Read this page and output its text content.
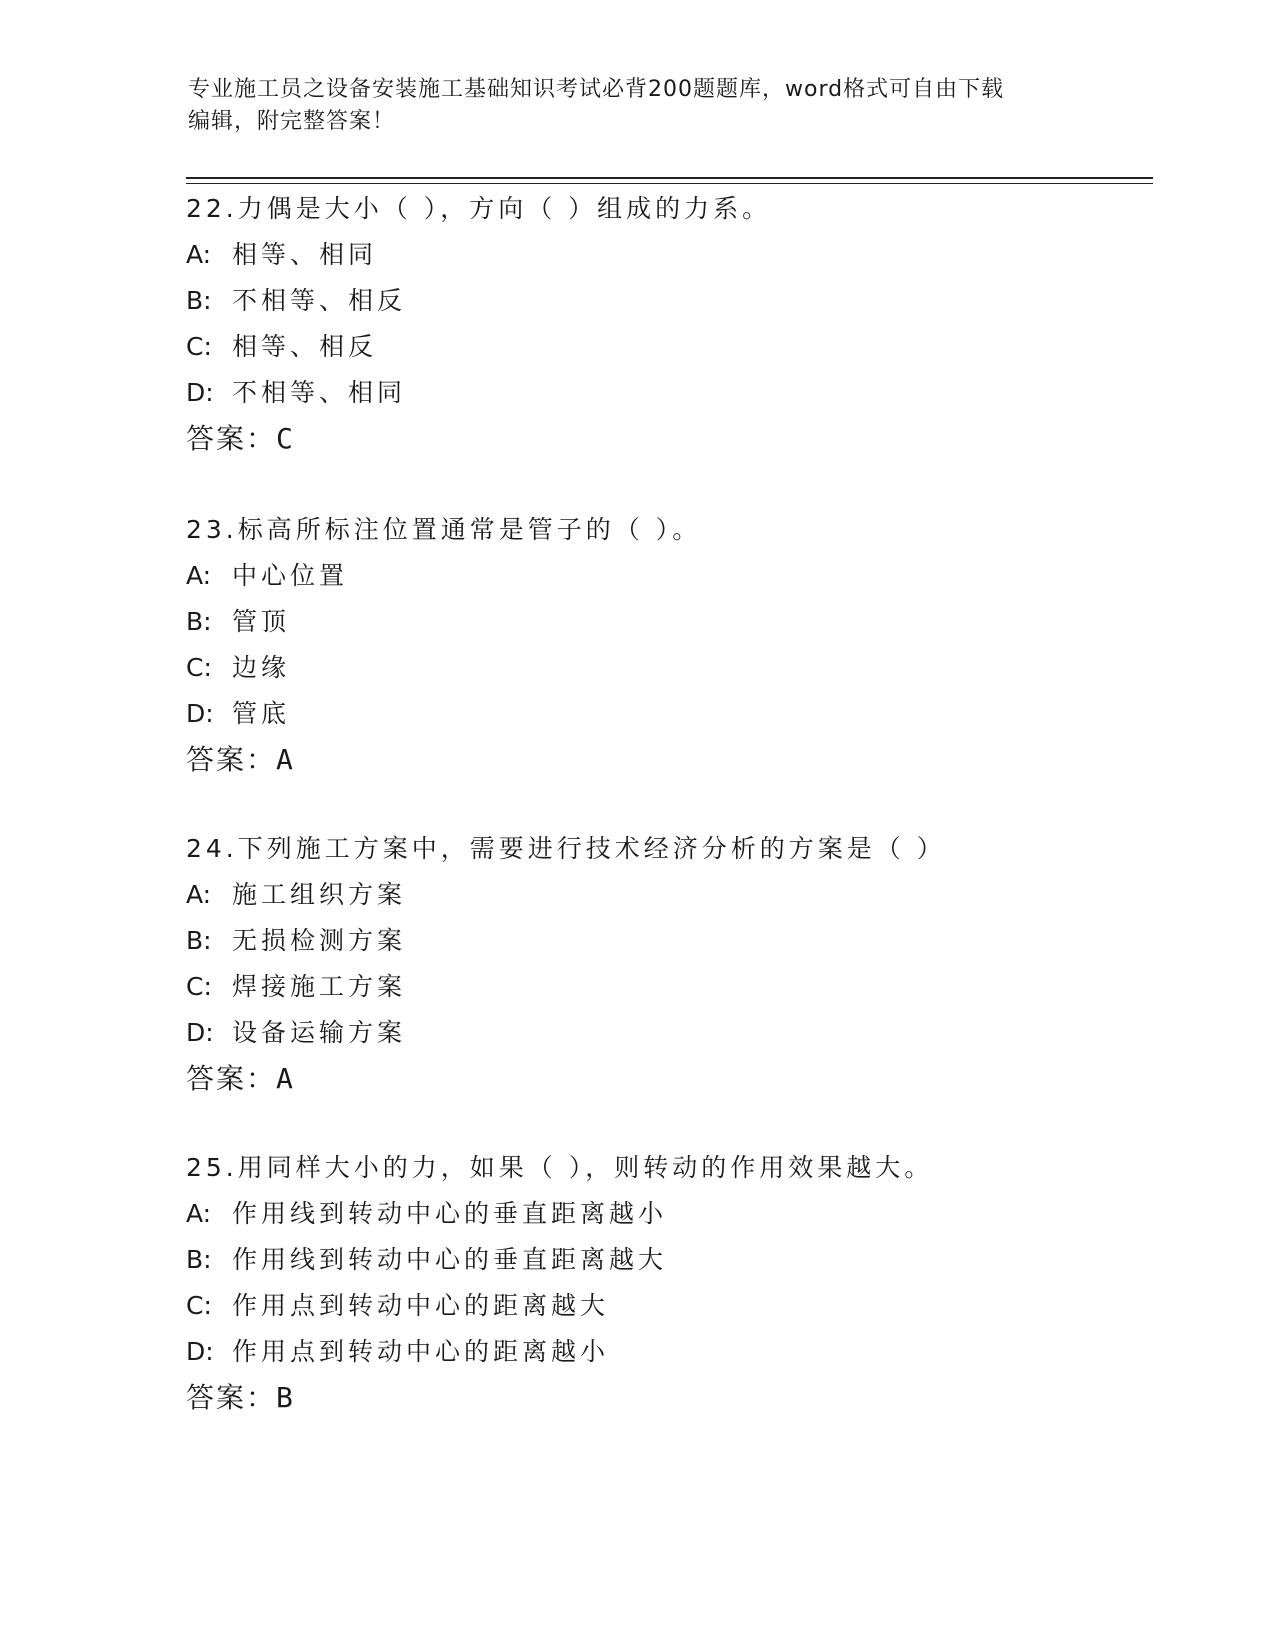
专业施工员之设备安装施工基础知识考试必背200题题库，word格式可自由下载
编辑，附完整答案！
22.力偶是大小（ ），方向（ ）组成的力系。
A: 相等、相同
B: 不相等、相反
C: 相等、相反
D: 不相等、相同
答案：C
23.标高所标注位置通常是管子的（ ）。
A: 中心位置
B: 管顶
C: 边缘
D: 管底
答案：A
24.下列施工方案中，需要进行技术经济分析的方案是（ ）
A: 施工组织方案
B: 无损检测方案
C: 焊接施工方案
D: 设备运输方案
答案：A
25.用同样大小的力，如果（ ），则转动的作用效果越大。
A: 作用线到转动中心的垂直距离越小
B: 作用线到转动中心的垂直距离越大
C: 作用点到转动中心的距离越大
D: 作用点到转动中心的距离越小
答案：B
